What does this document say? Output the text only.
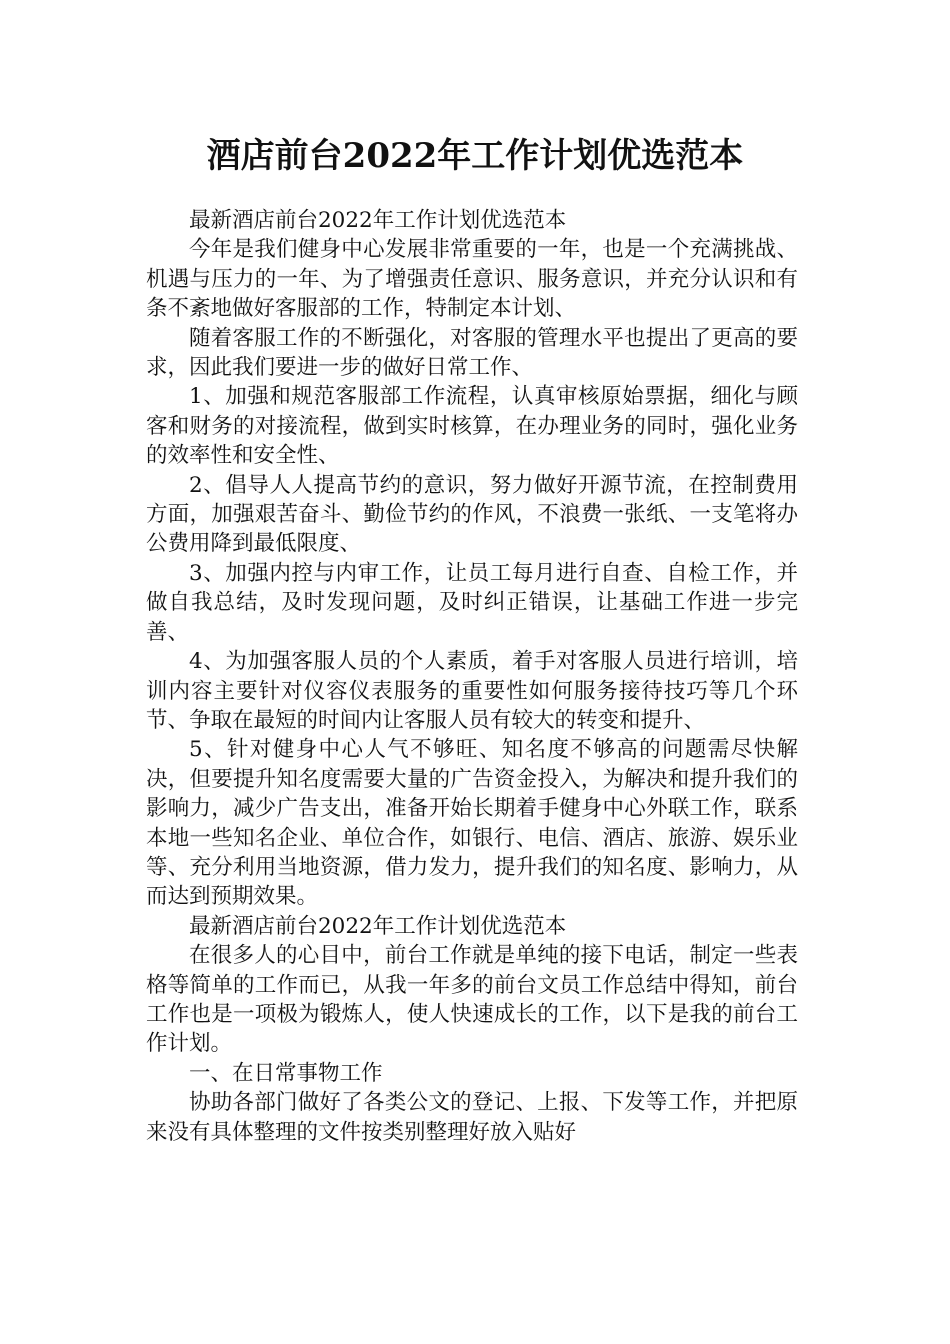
酒店前台2022年工作计划优选范本

最新酒店前台2022年工作计划优选范本

今年是我们健身中心发展非常重要的一年，也是一个充满挑战、机遇与压力的一年、为了增强责任意识、服务意识，并充分认识和有条不紊地做好客服部的工作，特制定本计划、

随着客服工作的不断强化，对客服的管理水平也提出了更高的要求，因此我们要进一步的做好日常工作、

1、加强和规范客服部工作流程，认真审核原始票据，细化与顾客和财务的对接流程，做到实时核算，在办理业务的同时，强化业务的效率性和安全性、

2、倡导人人提高节约的意识，努力做好开源节流，在控制费用方面，加强艰苦奋斗、勤俭节约的作风，不浪费一张纸、一支笔将办公费用降到最低限度、

3、加强内控与内审工作，让员工每月进行自查、自检工作，并做自我总结，及时发现问题，及时纠正错误，让基础工作进一步完善、

4、为加强客服人员的个人素质，着手对客服人员进行培训，培训内容主要针对仪容仪表服务的重要性如何服务接待技巧等几个环节、争取在最短的时间内让客服人员有较大的转变和提升、

5、针对健身中心人气不够旺、知名度不够高的问题需尽快解决，但要提升知名度需要大量的广告资金投入，为解决和提升我们的影响力，减少广告支出，准备开始长期着手健身中心外联工作，联系本地一些知名企业、单位合作，如银行、电信、酒店、旅游、娱乐业等、充分利用当地资源，借力发力，提升我们的知名度、影响力，从而达到预期效果。

最新酒店前台2022年工作计划优选范本

在很多人的心目中，前台工作就是单纯的接下电话，制定一些表格等简单的工作而已，从我一年多的前台文员工作总结中得知，前台工作也是一项极为锻炼人，使人快速成长的工作，以下是我的前台工作计划。

一、在日常事物工作

协助各部门做好了各类公文的登记、上报、下发等工作，并把原来没有具体整理的文件按类别整理好放入贴好
